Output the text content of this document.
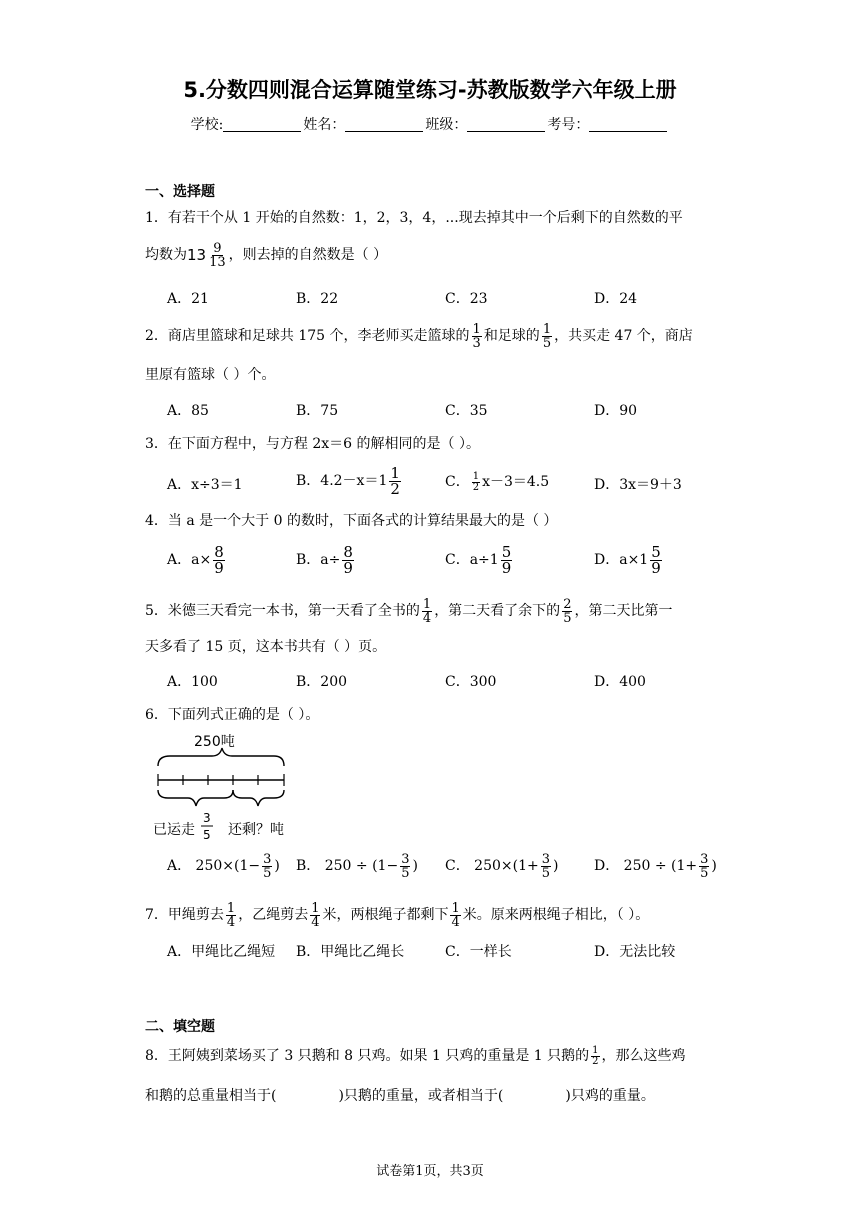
5.分数四则混合运算随堂练习-苏教版数学六年级上册
学校:	姓名：	班级：	考号：
一、选择题
1．有若干个从 1 开始的自然数：1，2，3，4，...现去掉其中一个后剩下的自然数的平
均数为$13 \frac{9}{13}$ ，则去掉的自然数是（ ）
A．21	B．22	C．23	D．24
2．商店里篮球和足球共 175 个，李老师买走篮球的 $\frac{1}{3}$ 和足球的 $\frac{1}{5}$ ，共买走 47 个，商店
里原有篮球（ ）个。
A．85	B．75	C．35	D．90
3．在下面方程中，与方程 2x＝6 的解相同的是（ ）。
A．x÷3＝1	B．$4.2-x=1 \frac{1}{2}$	C． $\frac{1}{2} x-3=4.5$	D．3x＝9＋3
4．当 a 是一个大于 0 的数时，下面各式的计算结果最大的是（ ）
A．$a\times \frac{8}{9}$	B．$a\div \frac{8}{9}$	C．$a\div 1 \frac{5}{9}$	D．$a\times 1 \frac{5}{9}$
5．米德三天看完一本书，第一天看了全书的 $\frac{1}{4}$ ，第二天看了余下的 $\frac{2}{5}$ ，第二天比第一
天多看了 15 页，这本书共有（ ）页。
A．100	B．200	C．300	D．400
6．下面列式正确的是（ ）。
250吨
已运走
3
5 还剩？吨
A． $250\times(1- \frac{3}{5}$ ) B． $250 \div (1- \frac{3}{5}$ ) C． $250\times(1+ \frac{3}{5}$ )	D． $250 \div (1+ \frac{3}{5}$ )
7．甲绳剪去 $\frac{1}{4}$ ，乙绳剪去 $\frac{1}{4}$ 米，两根绳子都剩下 $\frac{1}{4}$ 米。原来两根绳子相比，（ ）。
A．甲绳比乙绳短 B．甲绳比乙绳长	C．一样长	D．无法比较
二、填空题
8．王阿姨到菜场买了 3 只鹅和 8 只鸡。如果 1 只鸡的重量是 1 只鹅的 $\frac{1}{2}$ ，那么这些鸡
和鹅的总重量相当于(	)只鹅的重量，或者相当于(	)只鸡的重量。
试卷第1页，共3页
